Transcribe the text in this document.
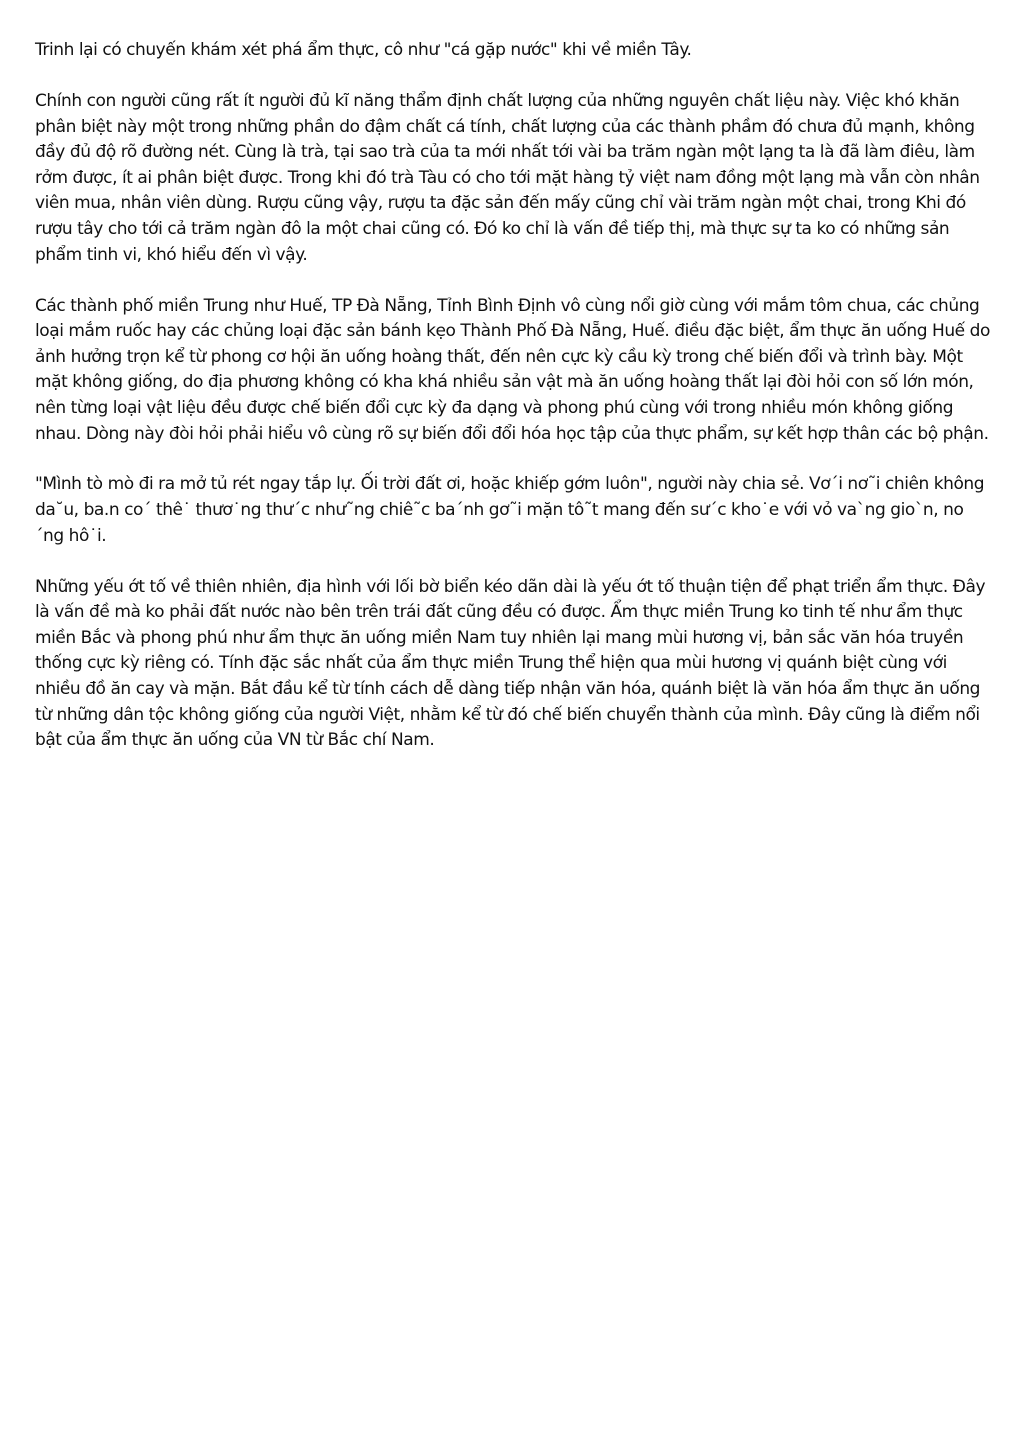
Trinh lại có chuyến khám xét phá ẩm thực, cô như "cá gặp nước" khi về miền Tây.

Chính con người cũng rất ít người đủ kĩ năng thẩm định chất lượng của những nguyên chất liệu này. Việc khó khăn phân biệt này một trong những phần do đậm chất cá tính, chất lượng của các thành phầm đó chưa đủ mạnh, không đầy đủ độ rõ đường nét. Cùng là trà, tại sao trà của ta mới nhất tới vài ba trăm ngàn một lạng ta là đã làm điêu, làm rởm được, ít ai phân biệt được. Trong khi đó trà Tàu có cho tới mặt hàng tỷ việt nam đồng một lạng mà vẫn còn nhân viên mua, nhân viên dùng. Rượu cũng vậy, rượu ta đặc sản đến mấy cũng chỉ vài trăm ngàn một chai, trong Khi đó rượu tây cho tới cả trăm ngàn đô la một chai cũng có. Đó ko chỉ là vấn đề tiếp thị, mà thực sự ta ko có những sản phẩm tinh vi, khó hiểu đến vì vậy.

Các thành phố miền Trung như Huế, TP Đà Nẵng, Tỉnh Bình Định vô cùng nổi giờ cùng với mắm tôm chua, các chủng loại mắm ruốc hay các chủng loại đặc sản bánh kẹo Thành Phố Đà Nẵng, Huế. điều đặc biệt, ẩm thực ăn uống Huế do ảnh hưởng trọn kể từ phong cơ hội ăn uống hoàng thất, đến nên cực kỳ cầu kỳ trong chế biến đổi và trình bày. Một mặt không giống, do địa phương không có kha khá nhiều sản vật mà ăn uống hoàng thất lại đòi hỏi con số lớn món, nên từng loại vật liệu đều được chế biến đổi cực kỳ đa dạng và phong phú cùng với trong nhiều món không giống nhau. Dòng này đòi hỏi phải hiểu vô cùng rõ sự biến đổi đổi hóa học tập của thực phẩm, sự kết hợp thân các bộ phận.

"Mình tò mò đi ra mở tủ rét ngay tắp lự. Ối trời đất ơi, hoặc khiếp gớm luôn", người này chia sẻ. Vơ´i nơ˜i chiên không da˘u, ba.n co´ thê˙ thươ˙ng thư´c như˜ng chiê˜c ba´nh gơ˜i mặn tô˜t mang đến sư´c kho˙e với vỏ va`ng gio`n, no´ng hô˙i.

Những yếu ớt tố về thiên nhiên, địa hình với lối bờ biển kéo dãn dài là yếu ớt tố thuận tiện để phạt triển ẩm thực. Đây là vấn đề mà ko phải đất nước nào bên trên trái đất cũng đều có được. Ẩm thực miền Trung ko tinh tế như ẩm thực miền Bắc và phong phú như ẩm thực ăn uống miền Nam tuy nhiên lại mang mùi hương vị, bản sắc văn hóa truyền thống cực kỳ riêng có. Tính đặc sắc nhất của ẩm thực miền Trung thể hiện qua mùi hương vị quánh biệt cùng với nhiều đồ ăn cay và mặn. Bắt đầu kể từ tính cách dễ dàng tiếp nhận văn hóa, quánh biệt là văn hóa ẩm thực ăn uống từ những dân tộc không giống của người Việt, nhằm kể từ đó chế biến chuyển thành của mình. Đây cũng là điểm nổi bật của ẩm thực ăn uống của VN từ Bắc chí Nam.
